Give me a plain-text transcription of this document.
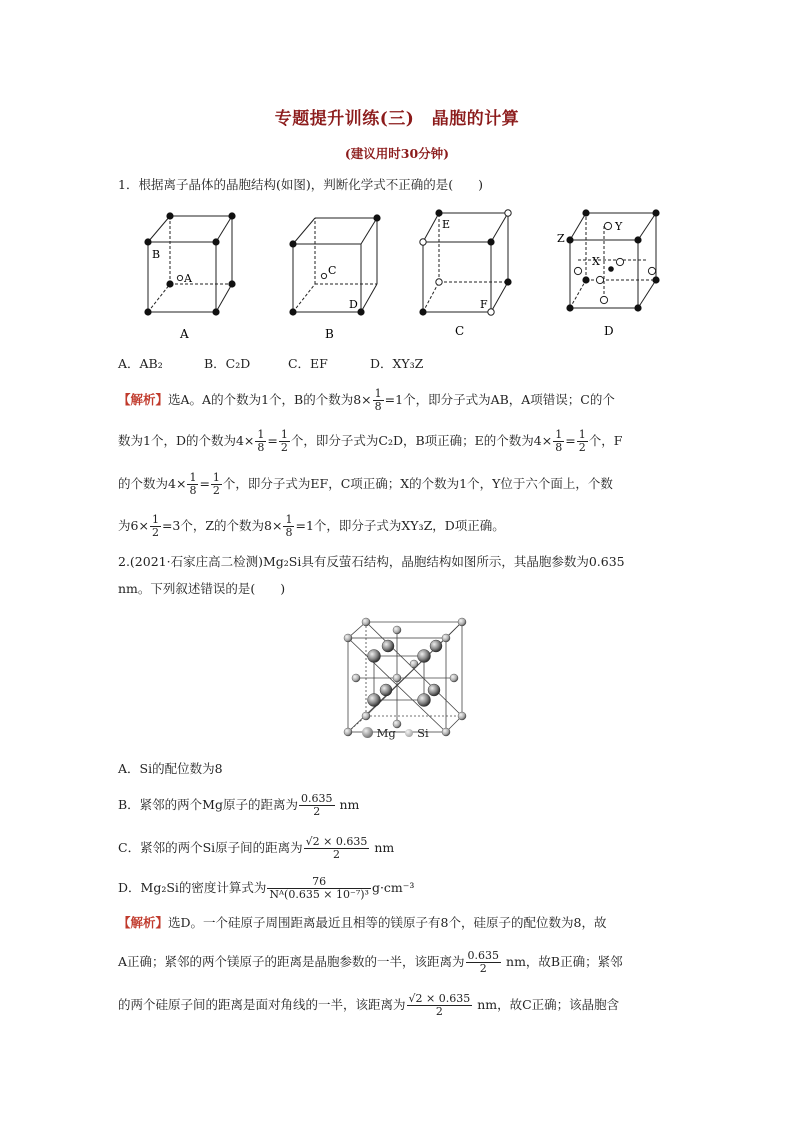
专题提升训练(三)　晶胞的计算
(建议用时30分钟)
1．根据离子晶体的晶胞结构(如图)，判断化学式不正确的是(　　)
B
A
A
C
D
B
E
F
C
Z
Y
X
D
A．AB₂	B．C₂D	C．EF	D．XY₃Z
【解析】选A。A的个数为1个，B的个数为$8\times \frac{1}{8} =1$个，即分子式为AB，A项错误；C的个
数为1个，D的个数为$4\times \frac{1}{8} = \frac{1}{2}$ 个，即分子式为C₂D，B项正确；E的个数为$4\times \frac{1}{8} = \frac{1}{2}$ 个，F
的个数为$4\times \frac{1}{8} = \frac{1}{2}$ 个，即分子式为EF，C项正确；X的个数为1个，Y位于六个面上，个数
为$6\times \frac{1}{2} =3$个，Z的个数为$8\times \frac{1}{8} =1$个，即分子式为XY₃Z，D项正确。
2.(2021·石家庄高二检测)Mg₂Si具有反萤石结构，晶胞结构如图所示，其晶胞参数为0.635
nm。下列叙述错误的是(　　)
Mg Si
A．Si的配位数为8
B．紧邻的两个Mg原子的距离为 $\frac{0.635}{2}$ nm
C．紧邻的两个Si原子间的距离为 $\frac{√2 \times 0.635}{2}$ nm
D．Mg₂Si的密度计算式为 $\frac{76}{\text{Nᴬ(0.635 × 10⁻⁷)³}} g\cdot cm^{-3}$
【解析】选D。一个硅原子周围距离最近且相等的镁原子有8个，硅原子的配位数为8，故
A正确；紧邻的两个镁原子的距离是晶胞参数的一半，该距离为 $\frac{0.635}{2}$ nm，故B正确；紧邻
的两个硅原子间的距离是面对角线的一半，该距离为 $\frac{√2 \times 0.635}{2}$ nm，故C正确；该晶胞含
